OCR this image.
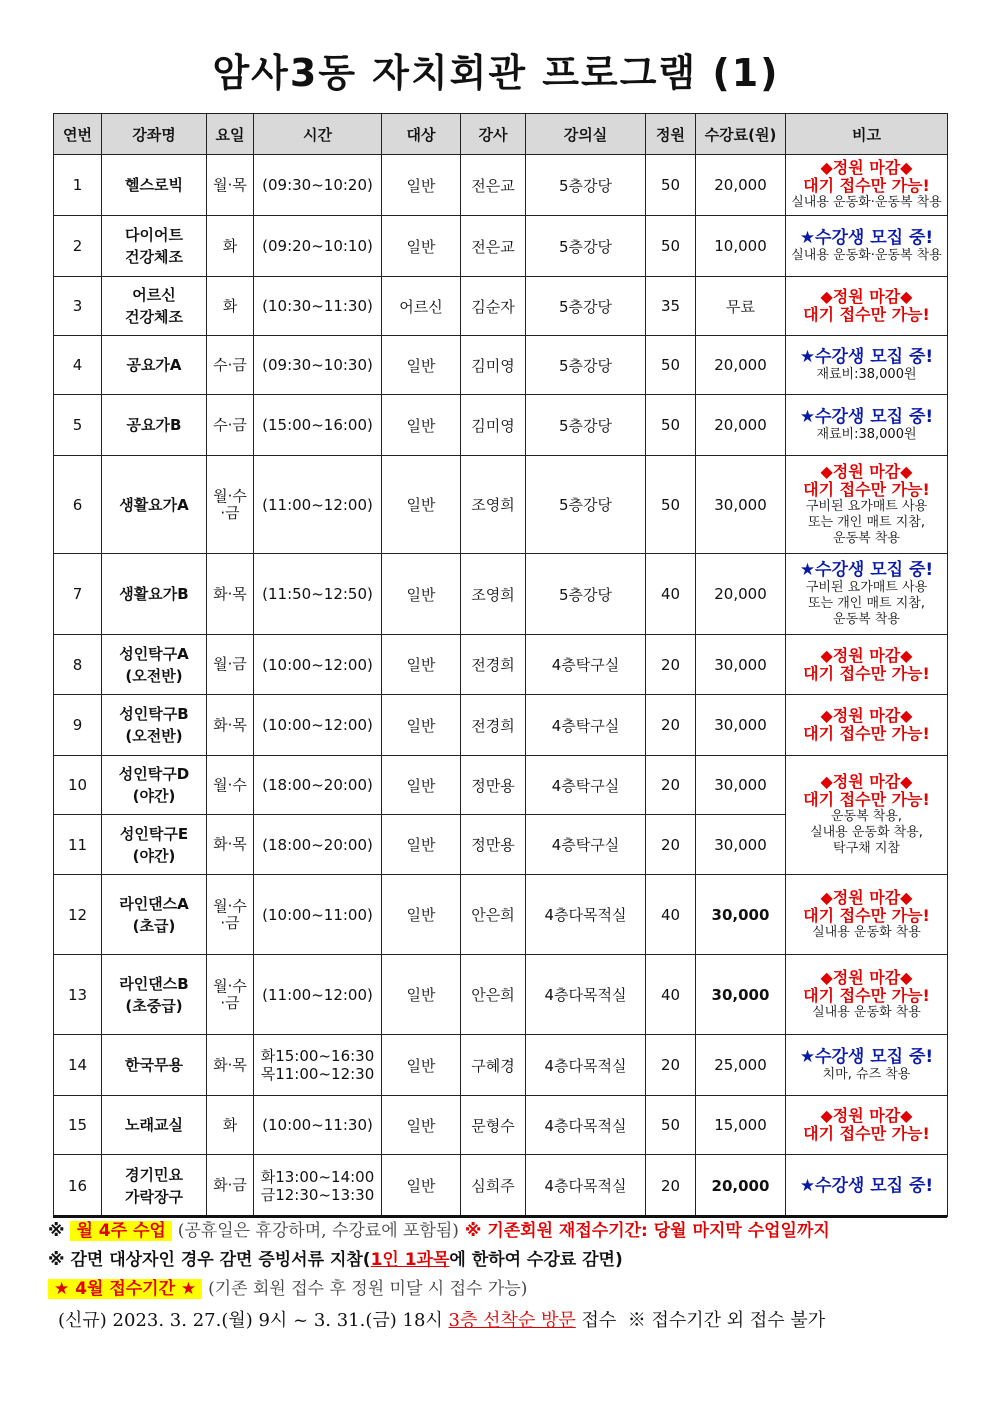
암사3동 자치회관 프로그램 (1)
연번	강좌명	요일	시간	대상	강사	강의실	정원	수강료(원)	비고
1	헬스로빅	월·목	(09:30~10:20)	일반	전은교	5층강당	50	20,000	◆정원 마감◆
대기 접수만 가능!
실내용 운동화·운동복 착용

2	다이어트
건강체조	화	(09:20~10:10)	일반	전은교	5층강당	50	10,000	★수강생 모집 중!
실내용 운동화·운동복 착용

3	어르신
건강체조	화	(10:30~11:30)	어르신	김순자	5층강당	35	무료	◆정원 마감◆
대기 접수만 가능!

4	공요가A	수·금	(09:30~10:30)	일반	김미영	5층강당	50	20,000	★수강생 모집 중!
재료비:38,000원

5	공요가B	수·금	(15:00~16:00)	일반	김미영	5층강당	50	20,000	★수강생 모집 중!
재료비:38,000원

6	생활요가A	월·수
·금	(11:00~12:00)	일반	조영희	5층강당	50	30,000	◆정원 마감◆
대기 접수만 가능!
구비된 요가매트 사용
또는 개인 매트 지참,
운동복 착용

7	생활요가B	화·목	(11:50~12:50)	일반	조영희	5층강당	40	20,000	★수강생 모집 중!
구비된 요가매트 사용
또는 개인 매트 지참,
운동복 착용

8	성인탁구A
(오전반)	월·금	(10:00~12:00)	일반	전경희	4층탁구실	20	30,000	◆정원 마감◆
대기 접수만 가능!

9	성인탁구B
(오전반)	화·목	(10:00~12:00)	일반	전경희	4층탁구실	20	30,000	◆정원 마감◆
대기 접수만 가능!

10	성인탁구D
(야간)	월·수	(18:00~20:00)	일반	정만용	4층탁구실	20	30,000	◆정원 마감◆
대기 접수만 가능!
운동복 착용,
실내용 운동화 착용,
탁구채 지참

11	성인탁구E
(야간)	화·목	(18:00~20:00)	일반	정만용	4층탁구실	20	30,000	
12	라인댄스A
(초급)	월·수
·금	(10:00~11:00)	일반	안은희	4층다목적실	40	30,000	◆정원 마감◆
대기 접수만 가능!
실내용 운동화 착용

13	라인댄스B
(초중급)	월·수
·금	(11:00~12:00)	일반	안은희	4층다목적실	40	30,000	◆정원 마감◆
대기 접수만 가능!
실내용 운동화 착용

14	한국무용	화·목	화15:00~16:30
목11:00~12:30	일반	구혜경	4층다목적실	20	25,000	★수강생 모집 중!
치마, 슈즈 착용

15	노래교실	화	(10:00~11:30)	일반	문형수	4층다목적실	50	15,000	◆정원 마감◆
대기 접수만 가능!

16	경기민요
가락장구	화·금	화13:00~14:00
금12:30~13:30	일반	심희주	4층다목적실	20	20,000	★수강생 모집 중!
※ 월 4주 수업 (공휴일은 휴강하며, 수강료에 포함됨) ※ 기존회원 재접수기간: 당월 마지막 수업일까지
※ 감면 대상자인 경우 감면 증빙서류 지참(1인 1과목에 한하여 수강료 감면)
★ 4월 접수기간 ★ (기존 회원 접수 후 정원 미달 시 접수 가능)
(신규) 2023. 3. 27.(월) 9시 ~ 3. 31.(금) 18시 3층 선착순 방문 접수 ※ 접수기간 외 접수 불가
